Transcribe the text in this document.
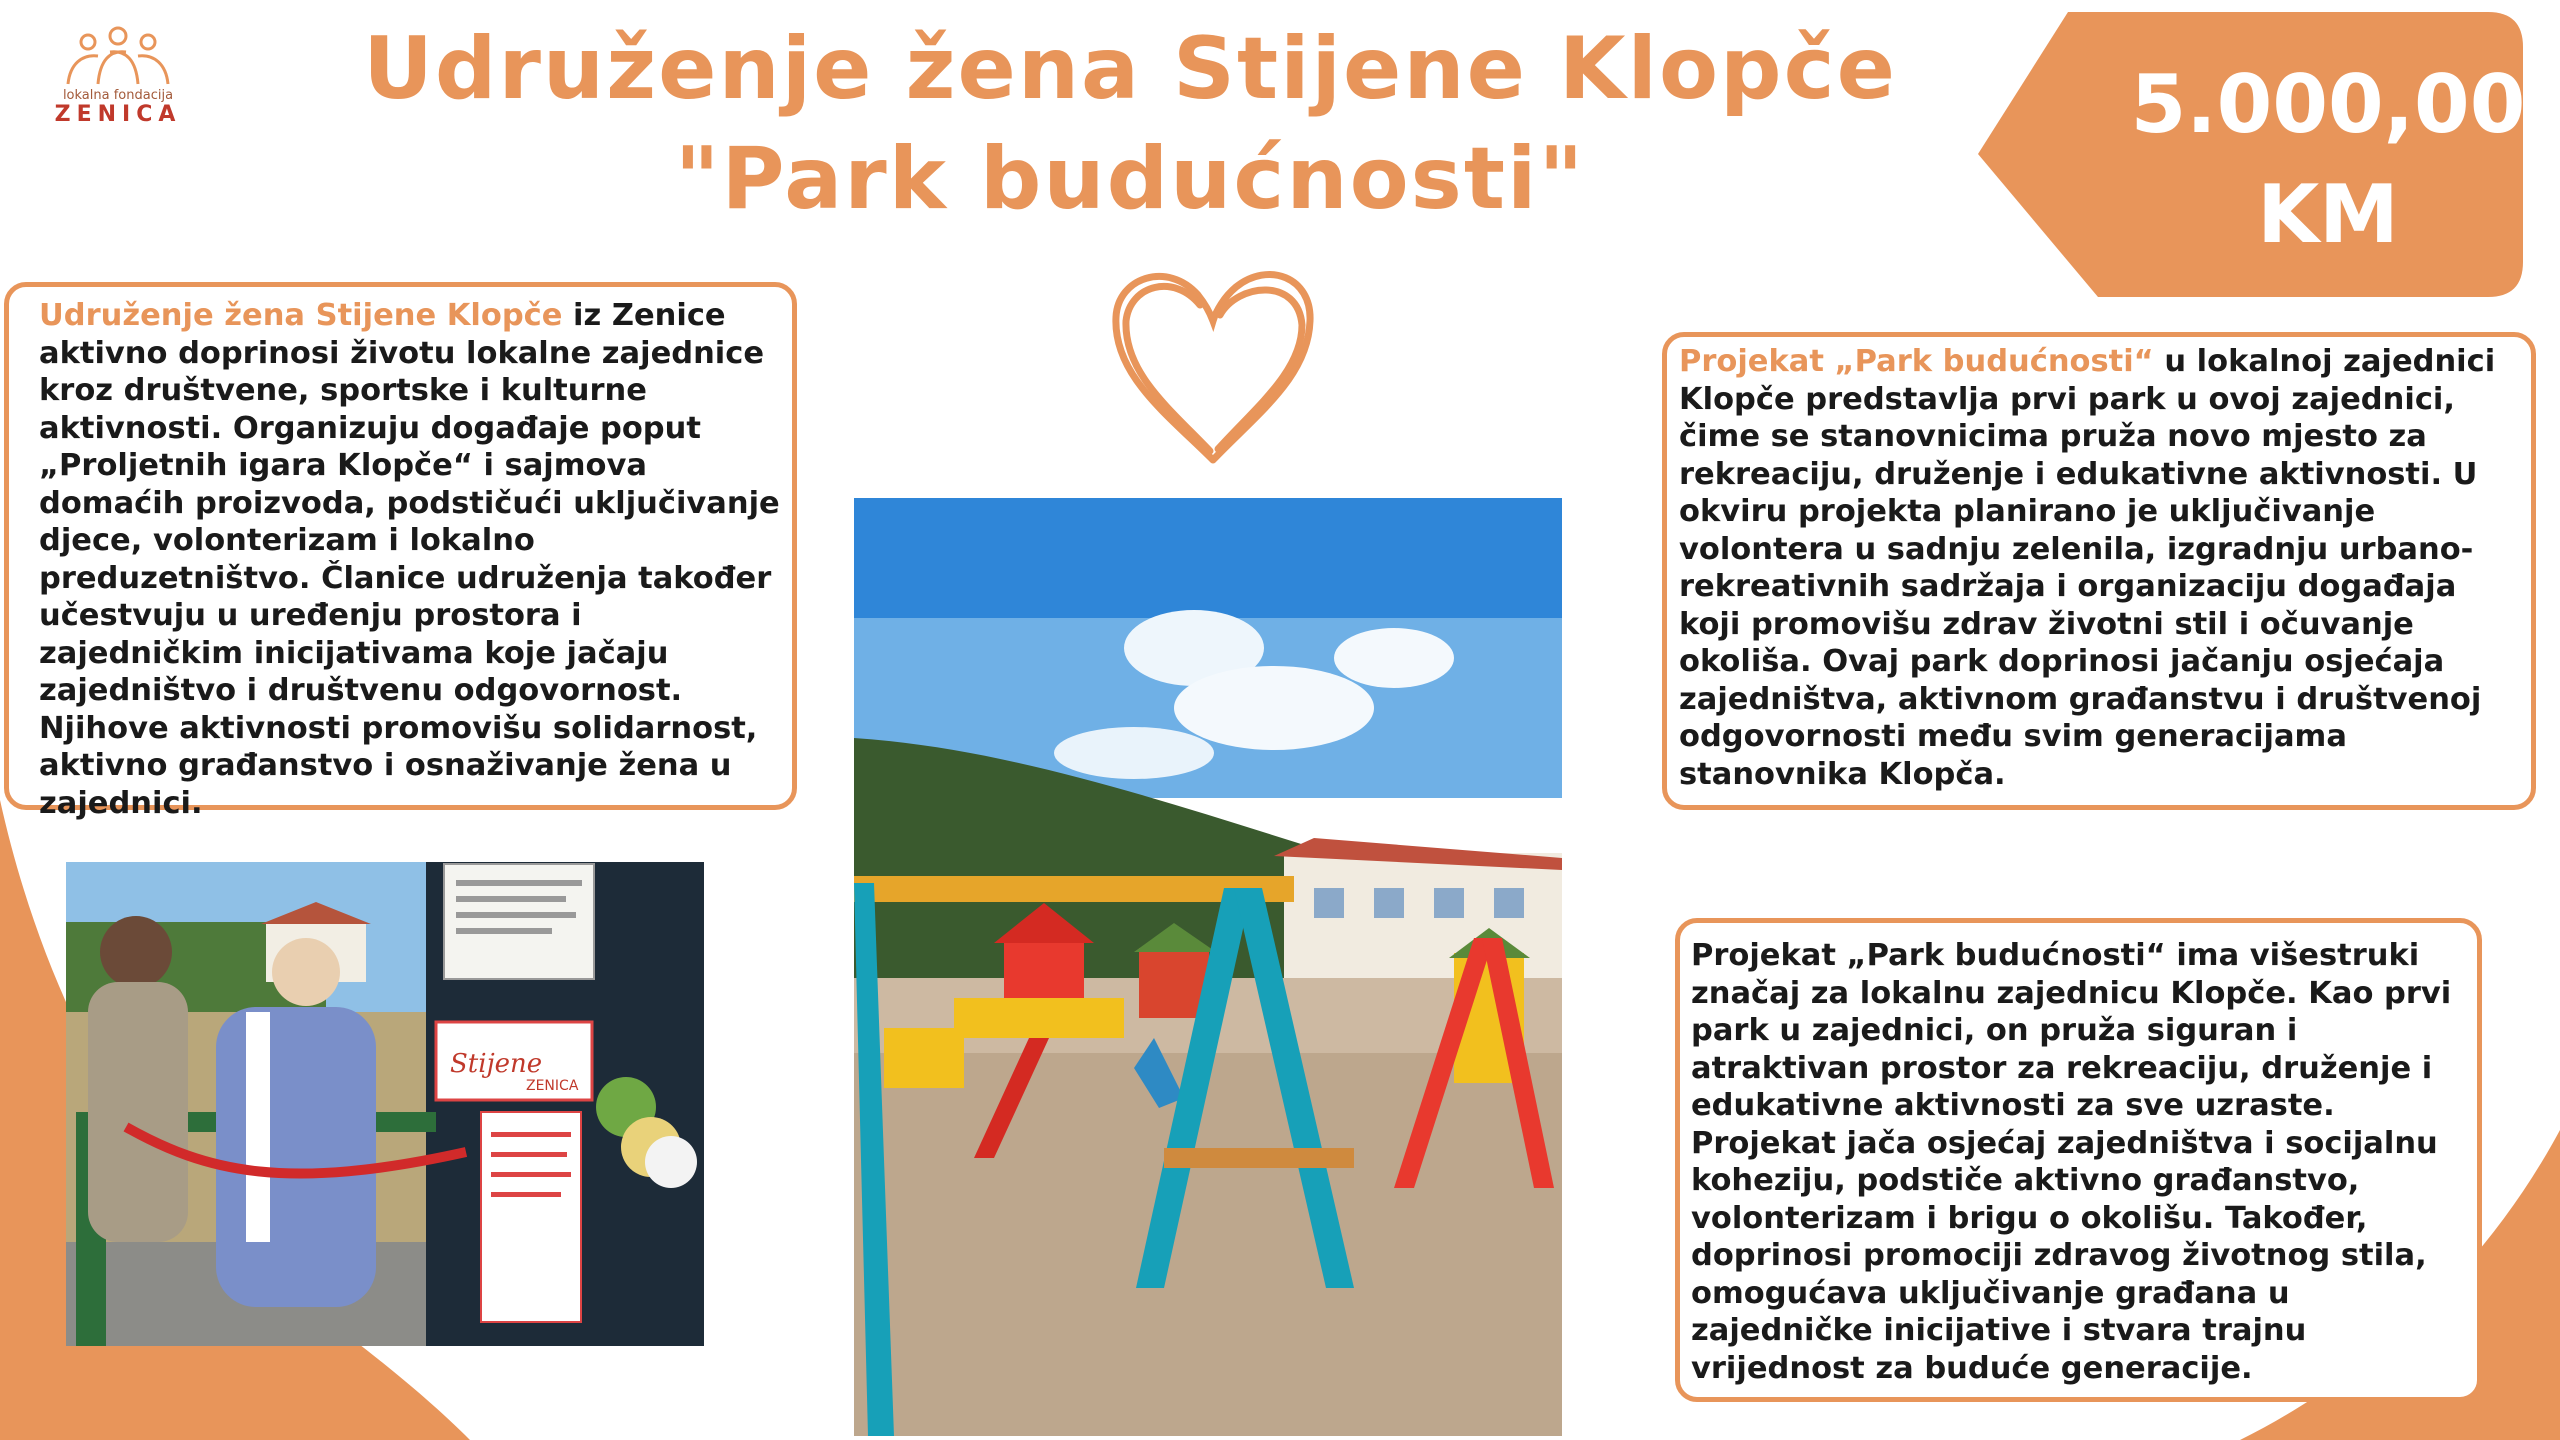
lokalna fondacija
ZENICA Udruženje žena Stijene Klopče
"Park budućnosti"
5.000,00
KM
Udruženje žena Stijene Klopče iz Zenice aktivno doprinosi životu lokalne zajednice kroz društvene, sportske i kulturne aktivnosti. Organizuju događaje poput „Proljetnih igara Klopče“ i sajmova domaćih proizvoda, podstičući uključivanje djece, volonterizam i lokalno preduzetništvo. Članice udruženja također učestvuju u uređenju prostora i zajedničkim inicijativama koje jačaju zajedništvo i društvenu odgovornost. Njihove aktivnosti promovišu solidarnost, aktivno građanstvo i osnaživanje žena u zajednici.
Projekat „Park budućnosti“ u lokalnoj zajednici Klopče predstavlja prvi park u ovoj zajednici, čime se stanovnicima pruža novo mjesto za rekreaciju, druženje i edukativne aktivnosti. U okviru projekta planirano je uključivanje volontera u sadnju zelenila, izgradnju urbano-rekreativnih sadržaja i organizaciju događaja koji promovišu zdrav životni stil i očuvanje okoliša. Ovaj park doprinosi jačanju osjećaja zajedništva, aktivnom građanstvu i društvenoj odgovornosti među svim generacijama stanovnika Klopča.
Projekat „Park budućnosti“ ima višestruki značaj za lokalnu zajednicu Klopče. Kao prvi park u zajednici, on pruža siguran i atraktivan prostor za rekreaciju, druženje i edukativne aktivnosti za sve uzraste. Projekat jača osjećaj zajedništva i socijalnu koheziju, podstiče aktivno građanstvo, volonterizam i brigu o okolišu. Također, doprinosi promociji zdravog životnog stila, omogućava uključivanje građana u zajedničke inicijative i stvara trajnu vrijednost za buduće generacije.
Stijene
ZENICA
